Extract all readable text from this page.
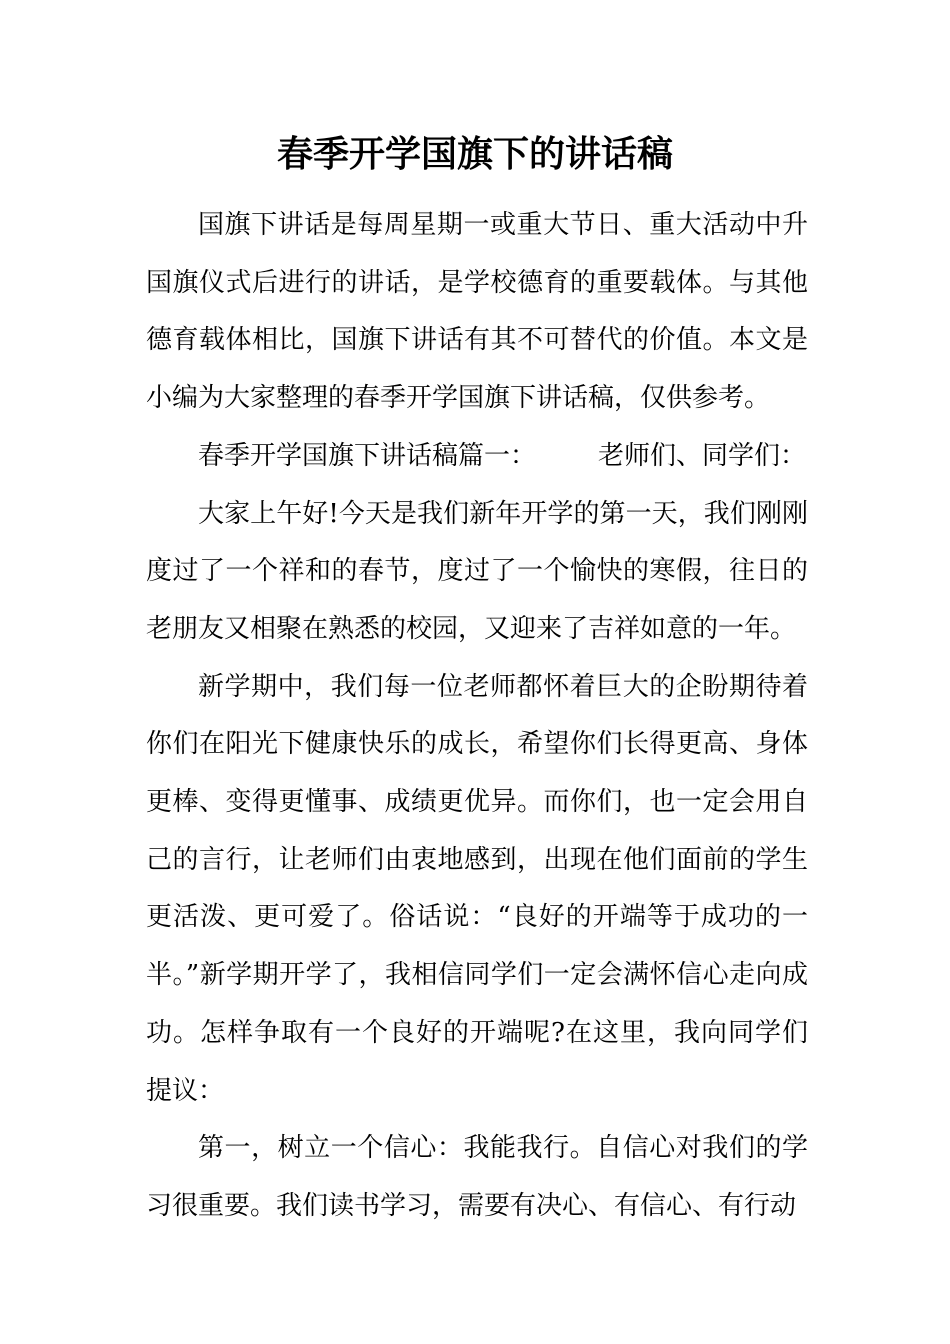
春季开学国旗下的讲话稿

国旗下讲话是每周星期一或重大节日、重大活动中升国旗仪式后进行的讲话，是学校德育的重要载体。与其他德育载体相比，国旗下讲话有其不可替代的价值。本文是小编为大家整理的春季开学国旗下讲话稿，仅供参考。

春季开学国旗下讲话稿篇一： 老师们、同学们：

大家上午好!今天是我们新年开学的第一天，我们刚刚度过了一个祥和的春节，度过了一个愉快的寒假，往日的老朋友又相聚在熟悉的校园，又迎来了吉祥如意的一年。

新学期中，我们每一位老师都怀着巨大的企盼期待着你们在阳光下健康快乐的成长，希望你们长得更高、身体更棒、变得更懂事、成绩更优异。而你们，也一定会用自己的言行，让老师们由衷地感到，出现在他们面前的学生更活泼、更可爱了。俗话说：“良好的开端等于成功的一半。”新学期开学了，我相信同学们一定会满怀信心走向成功。怎样争取有一个良好的开端呢?在这里，我向同学们提议：

第一，树立一个信心：我能我行。自信心对我们的学习很重要。我们读书学习，需要有决心、有信心、有行动
